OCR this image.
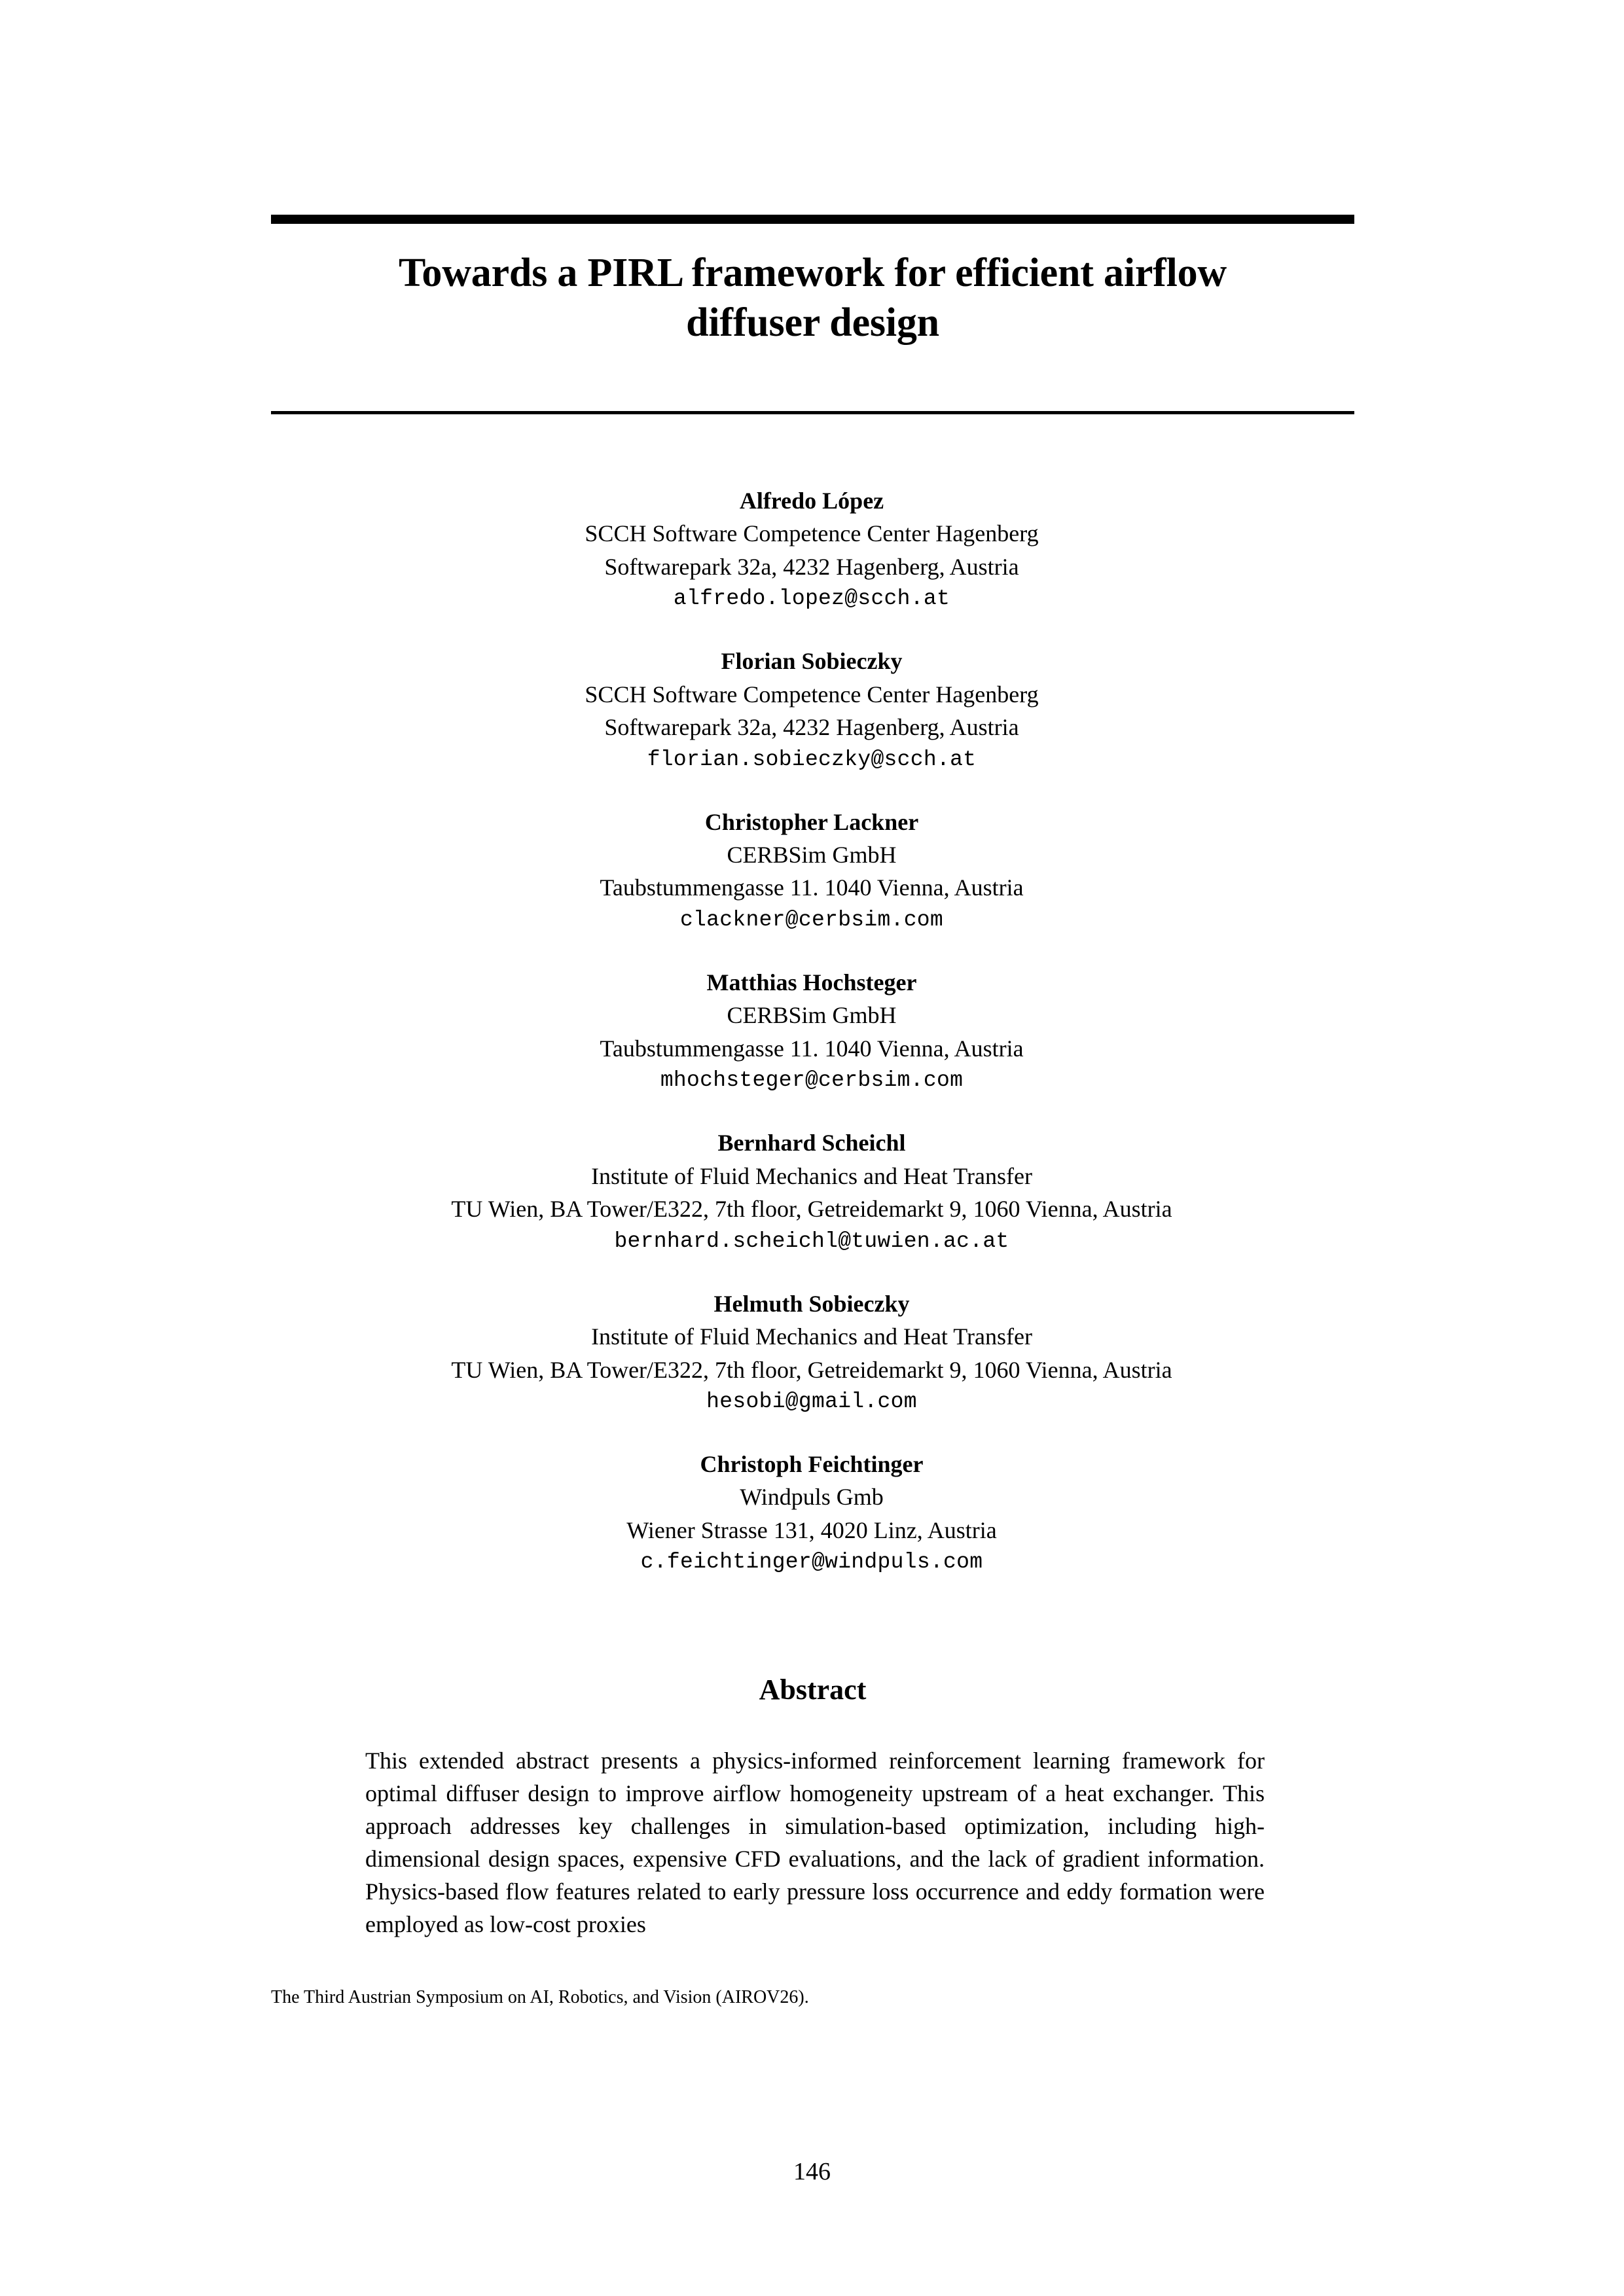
Towards a PIRL framework for efficient airflow
diffuser design
Alfredo López
SCCH Software Competence Center Hagenberg
Softwarepark 32a, 4232 Hagenberg, Austria
alfredo.lopez@scch.at
Florian Sobieczky
SCCH Software Competence Center Hagenberg
Softwarepark 32a, 4232 Hagenberg, Austria
florian.sobieczky@scch.at
Christopher Lackner
CERBSim GmbH
Taubstummengasse 11. 1040 Vienna, Austria
clackner@cerbsim.com
Matthias Hochsteger
CERBSim GmbH
Taubstummengasse 11. 1040 Vienna, Austria
mhochsteger@cerbsim.com
Bernhard Scheichl
Institute of Fluid Mechanics and Heat Transfer
TU Wien, BA Tower/E322, 7th floor, Getreidemarkt 9, 1060 Vienna, Austria
bernhard.scheichl@tuwien.ac.at
Helmuth Sobieczky
Institute of Fluid Mechanics and Heat Transfer
TU Wien, BA Tower/E322, 7th floor, Getreidemarkt 9, 1060 Vienna, Austria
hesobi@gmail.com
Christoph Feichtinger
Windpuls Gmb
Wiener Strasse 131, 4020 Linz, Austria
c.feichtinger@windpuls.com
Abstract
This extended abstract presents a physics-informed reinforcement learning framework for optimal diffuser design to improve airflow homogeneity upstream of a heat exchanger. This approach addresses key challenges in simulation-based optimization, including high-dimensional design spaces, expensive CFD evaluations, and the lack of gradient information. Physics-based flow features related to early pressure loss occurrence and eddy formation were employed as low-cost proxies
The Third Austrian Symposium on AI, Robotics, and Vision (AIROV26).
146
